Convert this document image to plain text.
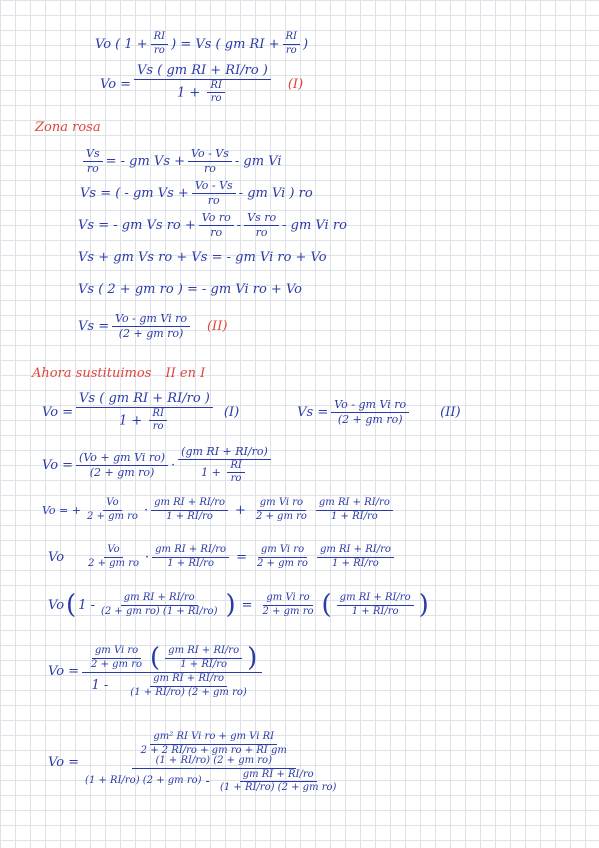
Vo ( $1 + \frac{RI}{ro}$ ) = Vs ( gm RI + $\frac{RI}{ro}$ )
$Vo = \frac{\text{Vs ( gm RI + RI/ro )}}{1 + \frac{RI}{ro}} (I)$
Zona rosa
$\frac{Vs}{ro}$ = - gm $Vs + \frac{Vo - Vs}{ro}$ - gm Vi
Vs = ( - gm $Vs + \frac{Vo - Vs}{ro}$ - gm Vi ) ro
Vs = - gm Vs ro + $\frac{\text{Vo ro}}{ro} - \frac{\text{Vs ro}}{ro}$ - gm Vi ro
Vs + gm Vs ro + Vs = - gm Vi ro + Vo
Vs ( 2 + gm ro ) = - gm Vi ro + Vo
$Vs = \frac{\text{Vo - gm Vi ro}}{\text{(2 + gm ro)}} (II)$
Ahora sustituimos II en I
$Vo = \frac{\text{Vs ( gm RI + RI/ro )}}{1 + \frac{RI}{ro}} (I)$	$Vs = \frac{\text{Vo - gm Vi ro}}{\text{(2 + gm ro)}} (II)$
$Vo = \frac{\text{(Vo + gm Vi ro)}}{\text{(2 + gm ro)}} \cdot \frac{\text{(gm RI + RI/ro)}}{1 + \frac{RI}{ro}}$
Vo = + $\frac{Vo}{\text{2 + gm ro}} \cdot \frac{\text{gm RI + RI/ro}}{1 + RI/ro} + \frac{\text{gm Vi ro}}{\text{2 + gm ro}} \frac{\text{gm RI + RI/ro}}{1 + RI/ro}$
Vo $\frac{Vo}{\text{2 + gm ro}} \cdot \frac{\text{gm RI + RI/ro}}{1 + RI/ro} = \frac{\text{gm Vi ro}}{\text{2 + gm ro}} \frac{\text{gm RI + RI/ro}}{1 + RI/ro}$
Vo ( $1 - \frac{\text{gm RI + RI/ro}}{\text{(2 + gm ro) (1 + RI/ro)}}$ ) = $\frac{\text{gm Vi ro}}{\text{2 + gm ro}}$ ( $\frac{\text{gm RI + RI/ro}}{1 + RI/ro}$ )
Vo =
$\frac{\text{gm Vi ro}}{\text{2 + gm ro}}$ ( $\frac{\text{gm RI + RI/ro}}{1 + RI/ro}$ )
$1 - \frac{\text{gm RI + RI/ro}}{\text{(1 + RI/ro) (2 + gm ro)}}$
Vo =
$\frac{\text{gm² RI Vi ro + gm Vi RI}}{\text{2 + 2 RI/ro + gm ro + RI gm}}$
(1 + RI/ro) (2 + gm ro)
(1 + RI/ro) (2 + gm $ro) - \frac{\text{gm RI + RI/ro}}{\text{(1 + RI/ro) (2 + gm ro)}}$
